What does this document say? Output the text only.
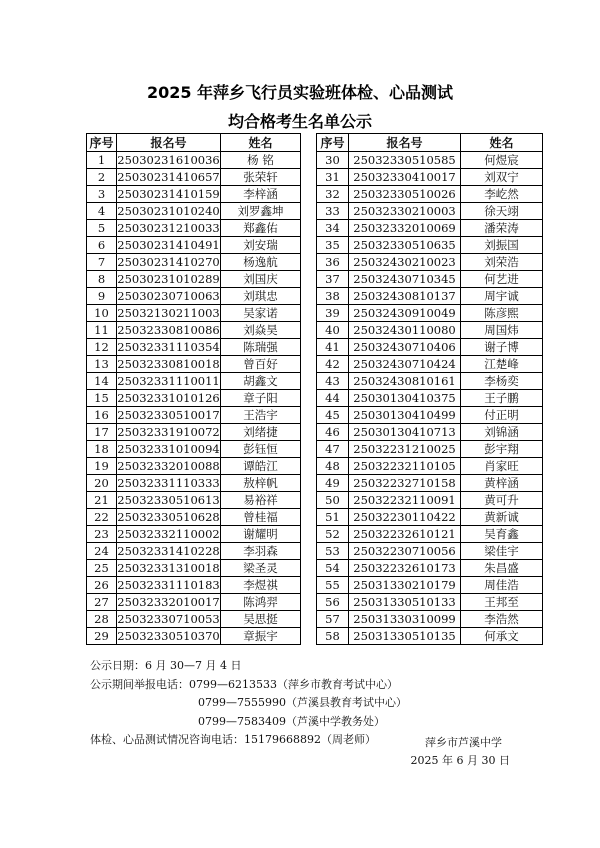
2025 年萍乡飞行员实验班体检、心品测试
均合格考生名单公示
序号	报名号	姓名
1	25030231610036	杨 铭
2	25030231410657	张荣轩
3	25030231410159	李梓涵
4	25030231010240	刘罗鑫坤
5	25030231210033	郑鑫佑
6	25030231410491	刘安瑞
7	25030231410270	杨逸航
8	25030231010289	刘国庆
9	25030230710063	刘琪忠
10	25032130211003	吴家诺
11	25032330810086	刘焱昊
12	25032331110354	陈瑞强
13	25032330810018	曾百好
14	25032331110011	胡鑫文
15	25032331010126	章子阳
16	25032330510017	王浩宇
17	25032331910072	刘绪捷
18	25032331010094	彭钰恒
19	25032332010088	谭皓江
20	25032331110333	敖梓帆
21	25032330510613	易裕祥
22	25032330510628	曾桂福
23	25032332110002	谢耀明
24	25032331410228	李羽森
25	25032331310018	梁圣灵
26	25032331110183	李煜祺
27	25032332010017	陈鸿羿
28	25032330710053	吴思挺
29	25032330510370	章振宇
序号	报名号	姓名
30	25032330510585	何煜宸
31	25032330410017	刘双宁
32	25032330510026	李屹然
33	25032330210003	徐天翊
34	25032332010069	潘荣涛
35	25032330510635	刘振国
36	25032430210023	刘荣浩
37	25032430710345	何艺进
38	25032430810137	周宇诚
39	25032430910049	陈彦熙
40	25032430110080	周国炜
41	25032430710406	谢子博
42	25032430710424	江楚峰
43	25032430810161	李杨奕
44	25030130410375	王子鹏
45	25030130410499	付正明
46	25030130410713	刘锦涵
47	25032231210025	彭宇翔
48	25032232110105	肖家旺
49	25032232710158	黄梓涵
50	25032232110091	黄可升
51	25032230110422	黄新诚
52	25032232610121	吴育鑫
53	25032230710056	梁佳宇
54	25032232610173	朱昌盛
55	25031330210179	周佳浩
56	25031330510133	王邦至
57	25031330310099	李浩然
58	25031330510135	何承文
公示日期：6 月 30—7 月 4 日
公示期间举报电话：0799—6213533（萍乡市教育考试中心）
0799—7555990（芦溪县教育考试中心）
0799—7583409（芦溪中学教务处）
体检、心品测试情况咨询电话：15179668892（周老师）	萍乡市芦溪中学
2025 年 6 月 30 日
